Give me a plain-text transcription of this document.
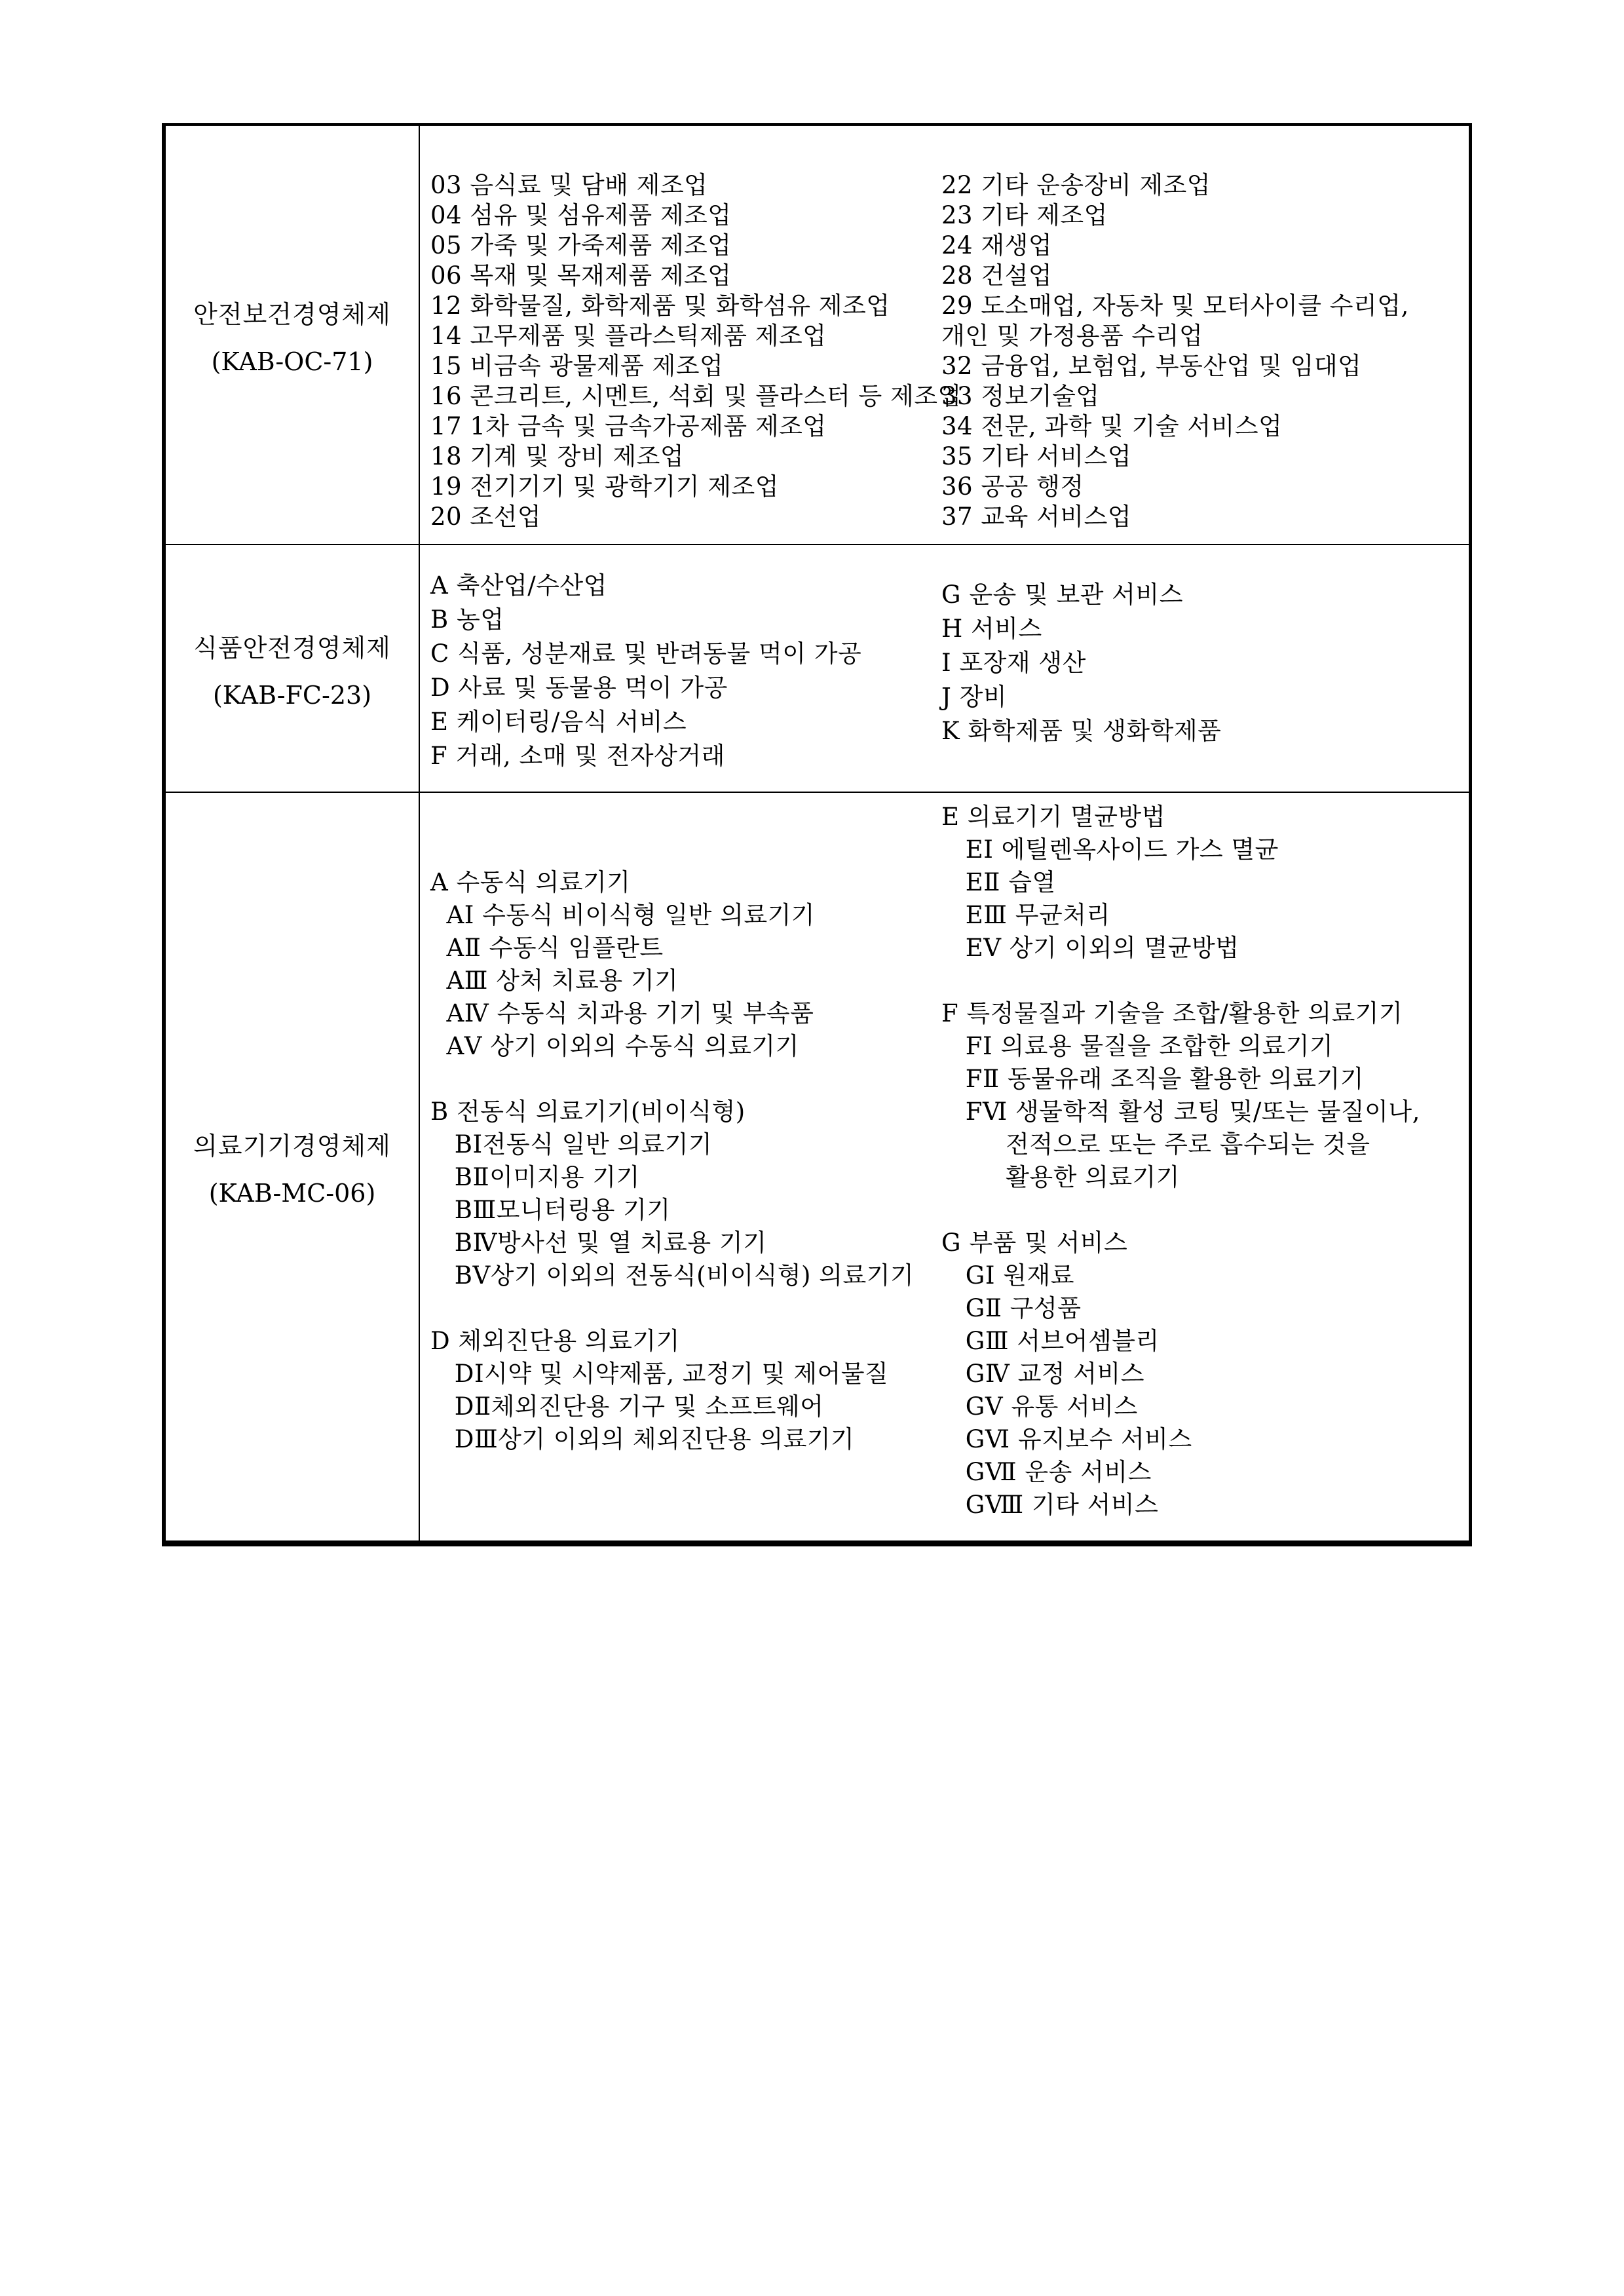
안전보건경영체제
(KAB-OC-71)
03 음식료 및 담배 제조업
04 섬유 및 섬유제품 제조업
05 가죽 및 가죽제품 제조업
06 목재 및 목재제품 제조업
12 화학물질, 화학제품 및 화학섬유 제조업
14 고무제품 및 플라스틱제품 제조업
15 비금속 광물제품 제조업
16 콘크리트, 시멘트, 석회 및 플라스터 등 제조업
17 1차 금속 및 금속가공제품 제조업
18 기계 및 장비 제조업
19 전기기기 및 광학기기 제조업
20 조선업
22 기타 운송장비 제조업
23 기타 제조업
24 재생업
28 건설업
29 도소매업, 자동차 및 모터사이클 수리업,
개인 및 가정용품 수리업
32 금융업, 보험업, 부동산업 및 임대업
33 정보기술업
34 전문, 과학 및 기술 서비스업
35 기타 서비스업
36 공공 행정
37 교육 서비스업
식품안전경영체제
(KAB-FC-23)
A 축산업/수산업
B 농업
C 식품, 성분재료 및 반려동물 먹이 가공
D 사료 및 동물용 먹이 가공
E 케이터링/음식 서비스
F 거래, 소매 및 전자상거래
G 운송 및 보관 서비스
H 서비스
I 포장재 생산
J 장비
K 화학제품 및 생화학제품
의료기기경영체제
(KAB-MC-06)
A 수동식 의료기기
AⅠ 수동식 비이식형 일반 의료기기
AⅡ 수동식 임플란트
AⅢ 상처 치료용 기기
AⅣ 수동식 치과용 기기 및 부속품
AⅤ 상기 이외의 수동식 의료기기
B 전동식 의료기기(비이식형)
BⅠ전동식 일반 의료기기
BⅡ이미지용 기기
BⅢ모니터링용 기기
BⅣ방사선 및 열 치료용 기기
BⅤ상기 이외의 전동식(비이식형) 의료기기
D 체외진단용 의료기기
DⅠ시약 및 시약제품, 교정기 및 제어물질
DⅡ체외진단용 기구 및 소프트웨어
DⅢ상기 이외의 체외진단용 의료기기
E 의료기기 멸균방법
EⅠ 에틸렌옥사이드 가스 멸균
EⅡ 습열
EⅢ 무균처리
EⅤ 상기 이외의 멸균방법
F 특정물질과 기술을 조합/활용한 의료기기
FⅠ 의료용 물질을 조합한 의료기기
FⅡ 동물유래 조직을 활용한 의료기기
FⅥ 생물학적 활성 코팅 및/또는 물질이나,
전적으로 또는 주로 흡수되는 것을
활용한 의료기기
G 부품 및 서비스
GⅠ 원재료
GⅡ 구성품
GⅢ 서브어셈블리
GⅣ 교정 서비스
GⅤ 유통 서비스
GⅥ 유지보수 서비스
GⅦ 운송 서비스
GⅧ 기타 서비스
